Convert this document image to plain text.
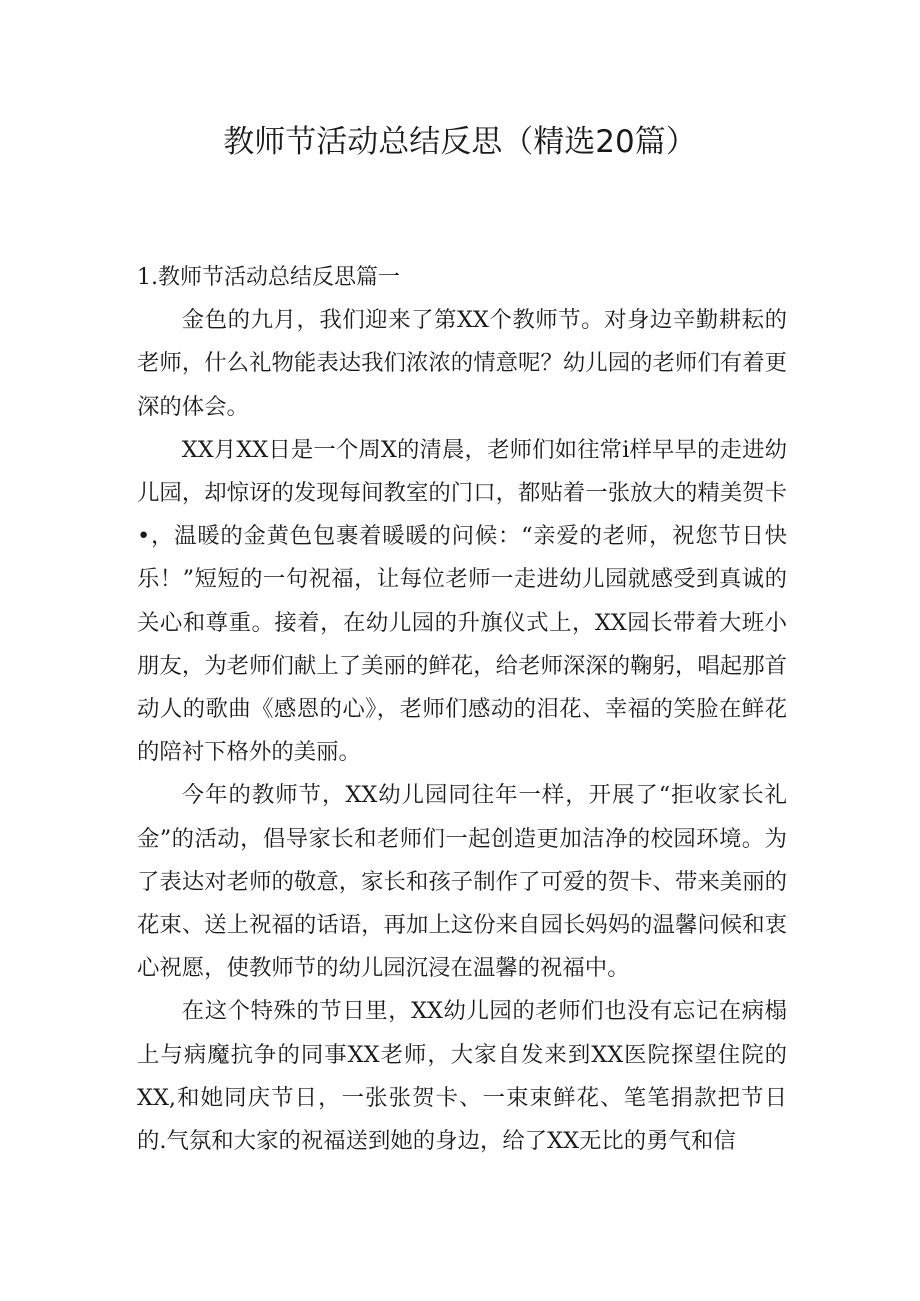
教师节活动总结反思（精选20篇）

1.教师节活动总结反思篇一

金色的九月，我们迎来了第XX个教师节。对身边辛勤耕耘的老师，什么礼物能表达我们浓浓的情意呢？幼儿园的老师们有着更深的体会。

XX月XX日是一个周X的清晨，老师们如往常i样早早的走进幼儿园，却惊讶的发现每间教室的门口，都贴着一张放大的精美贺卡•，温暖的金黄色包裹着暖暖的问候：“亲爱的老师，祝您节日快乐！”短短的一句祝福，让每位老师一走进幼儿园就感受到真诚的关心和尊重。接着，在幼儿园的升旗仪式上，XX园长带着大班小朋友，为老师们献上了美丽的鲜花，给老师深深的鞠躬，唱起那首动人的歌曲《感恩的心》，老师们感动的泪花、幸福的笑脸在鲜花的陪衬下格外的美丽。

今年的教师节，XX幼儿园同往年一样，开展了“拒收家长礼金”的活动，倡导家长和老师们一起创造更加洁净的校园环境。为了表达对老师的敬意，家长和孩子制作了可爱的贺卡、带来美丽的花束、送上祝福的话语，再加上这份来自园长妈妈的温馨问候和衷心祝愿，使教师节的幼儿园沉浸在温馨的祝福中。

在这个特殊的节日里，XX幼儿园的老师们也没有忘记在病榻上与病魔抗争的同事XX老师，大家自发来到XX医院探望住院的XX,和她同庆节日，一张张贺卡、一束束鲜花、笔笔捐款把节日的.气氛和大家的祝福送到她的身边，给了XX无比的勇气和信
